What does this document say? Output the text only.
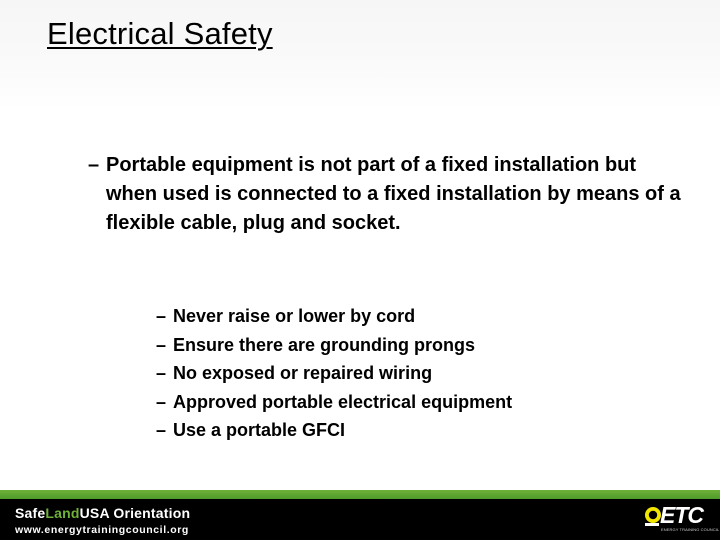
Electrical Safety
– Portable equipment is not part of a fixed installation but when used is connected to a fixed installation by means of a flexible cable, plug and socket.
– Never raise or lower by cord
– Ensure there are grounding prongs
– No exposed or repaired wiring
– Approved portable electrical equipment
– Use a portable GFCI
SafeLandUSA Orientation
www.energytrainingcouncil.org
ETC
ENERGY TRAINING COUNCIL
